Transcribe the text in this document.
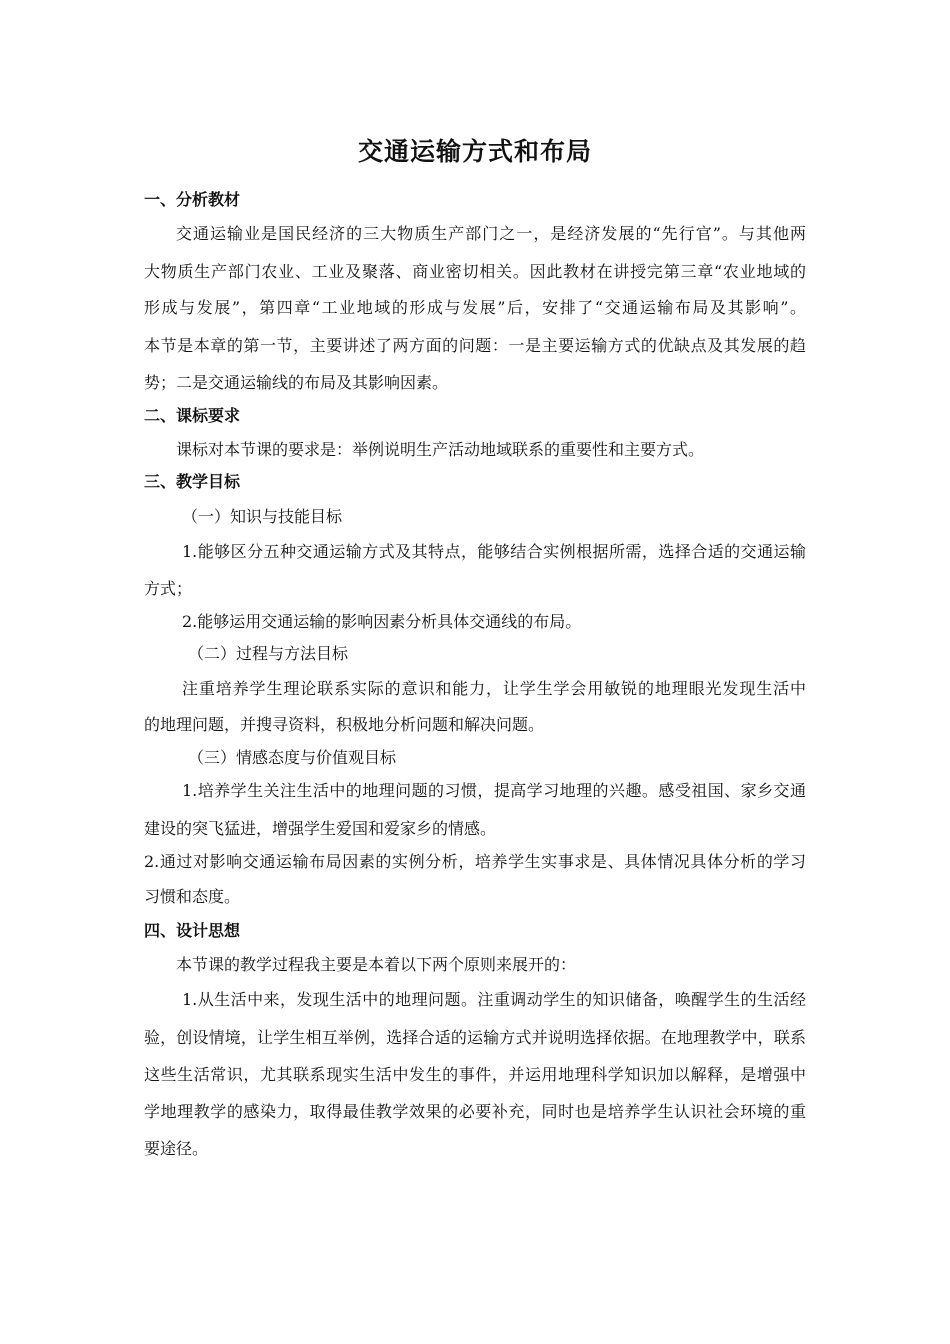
交通运输方式和布局
一、分析教材
交通运输业是国民经济的三大物质生产部门之一，是经济发展的“先行官”。与其他两
大物质生产部门农业、工业及聚落、商业密切相关。因此教材在讲授完第三章“农业地域的
形成与发展”，第四章“工业地域的形成与发展”后，安排了“交通运输布局及其影响”。
本节是本章的第一节，主要讲述了两方面的问题：一是主要运输方式的优缺点及其发展的趋
势；二是交通运输线的布局及其影响因素。
二、课标要求
课标对本节课的要求是：举例说明生产活动地域联系的重要性和主要方式。
三、教学目标
（一）知识与技能目标
1.能够区分五种交通运输方式及其特点，能够结合实例根据所需，选择合适的交通运输
方式；
2.能够运用交通运输的影响因素分析具体交通线的布局。
（二）过程与方法目标
注重培养学生理论联系实际的意识和能力，让学生学会用敏锐的地理眼光发现生活中
的地理问题，并搜寻资料，积极地分析问题和解决问题。
（三）情感态度与价值观目标
1.培养学生关注生活中的地理问题的习惯，提高学习地理的兴趣。感受祖国、家乡交通
建设的突飞猛进，增强学生爱国和爱家乡的情感。
2.通过对影响交通运输布局因素的实例分析，培养学生实事求是、具体情况具体分析的学习
习惯和态度。
四、设计思想
本节课的教学过程我主要是本着以下两个原则来展开的：
1.从生活中来，发现生活中的地理问题。注重调动学生的知识储备，唤醒学生的生活经
验，创设情境，让学生相互举例，选择合适的运输方式并说明选择依据。在地理教学中，联系
这些生活常识，尤其联系现实生活中发生的事件，并运用地理科学知识加以解释，是增强中
学地理教学的感染力，取得最佳教学效果的必要补充，同时也是培养学生认识社会环境的重
要途径。
